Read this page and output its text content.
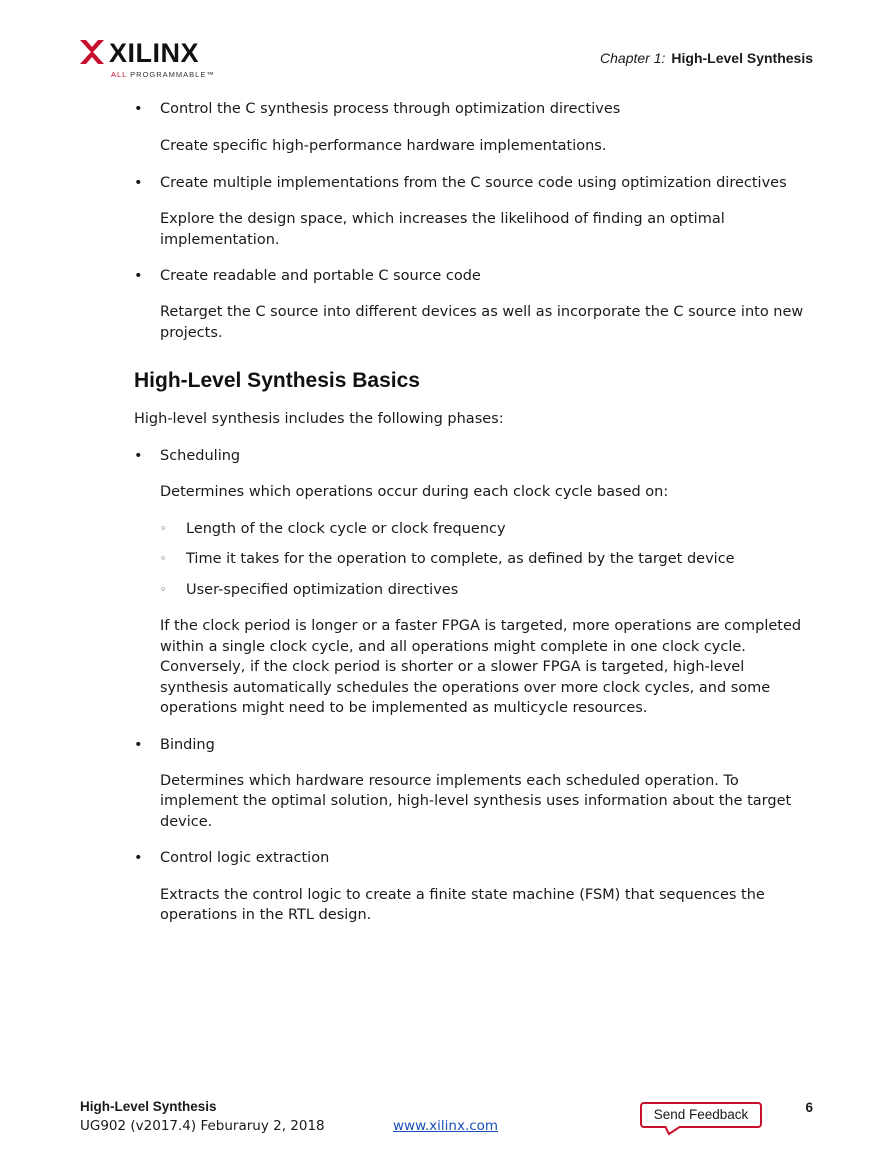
XILINX
ALL PROGRAMMABLE™
Chapter 1: High-Level Synthesis
• Control the C synthesis process through optimization directives
Create specific high-performance hardware implementations.
• Create multiple implementations from the C source code using optimization directives
Explore the design space, which increases the likelihood of finding an optimal
implementation.
• Create readable and portable C source code
Retarget the C source into different devices as well as incorporate the C source into new
projects.
High-Level Synthesis Basics
High-level synthesis includes the following phases:
• Scheduling
Determines which operations occur during each clock cycle based on:
◦ Length of the clock cycle or clock frequency
◦ Time it takes for the operation to complete, as defined by the target device
◦ User-specified optimization directives
If the clock period is longer or a faster FPGA is targeted, more operations are completed
within a single clock cycle, and all operations might complete in one clock cycle.
Conversely, if the clock period is shorter or a slower FPGA is targeted, high-level
synthesis automatically schedules the operations over more clock cycles, and some
operations might need to be implemented as multicycle resources.
• Binding
Determines which hardware resource implements each scheduled operation. To
implement the optimal solution, high-level synthesis uses information about the target
device.
• Control logic extraction
Extracts the control logic to create a finite state machine (FSM) that sequences the
operations in the RTL design.
High-Level Synthesis
UG902 (v2017.4) Feburaruy 2, 2018	www.xilinx.com
Send Feedback	6
